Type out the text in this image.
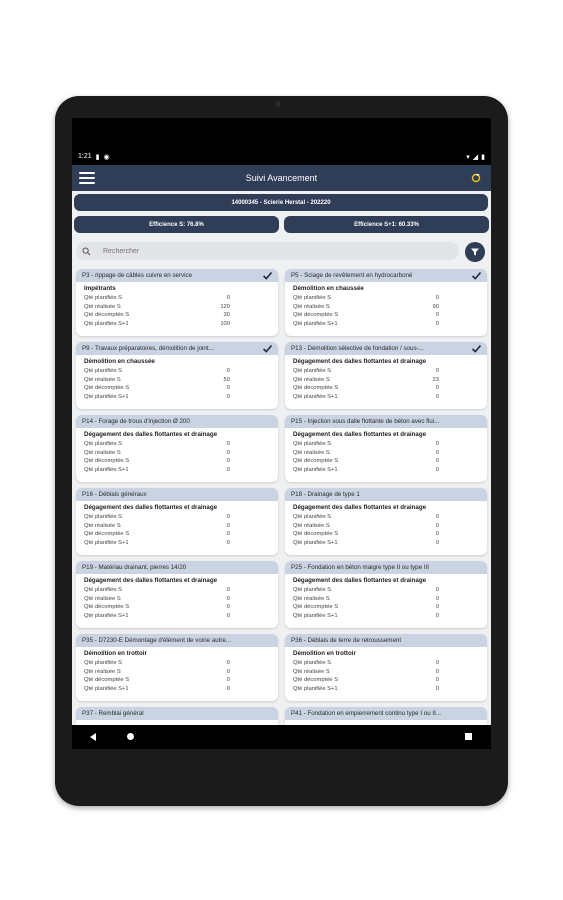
1:21 ▮ ◉	▾ ◢ ▮
Suivi Avancement
14000345 - Scierie Herstal - 202220
Efficience S: 76.8%	Efficience S+1: 60.33%
Rechercher
P3 - rippage de câbles cuivre en service
Impétrants
Qté planifiée S	0
Qté réalisée S	120
Qté décomptée S	30
Qté planifiée S+1	100
P5 - Sciage de revêtement en hydrocarboné
Démolition en chaussée
Qté planifiée S	0
Qté réalisée S	90
Qté décomptée S	0
Qté planifiée S+1	0
P9 - Travaux préparatoires, démolition de joint...
Démolition en chaussée
Qté planifiée S	0
Qté réalisée S	50
Qté décomptée S	0
Qté planifiée S+1	0
P13 - Démolition sélective de fondation / sous-...
Dégagement des dalles flottantes et drainage
Qté planifiée S	0
Qté réalisée S	23
Qté décomptée S	0
Qté planifiée S+1	0
P14 - Forage de trous d'injection Ø 200
Dégagement des dalles flottantes et drainage
Qté planifiée S	0
Qté réalisée S	0
Qté décomptée S	0
Qté planifiée S+1	0
P15 - Injection sous dalle flottante de béton avec flui...
Dégagement des dalles flottantes et drainage
Qté planifiée S	0
Qté réalisée S	0
Qté décomptée S	0
Qté planifiée S+1	0
P16 - Déblais généraux
Dégagement des dalles flottantes et drainage
Qté planifiée S	0
Qté réalisée S	0
Qté décomptée S	0
Qté planifiée S+1	0
P18 - Drainage de type 1
Dégagement des dalles flottantes et drainage
Qté planifiée S	0
Qté réalisée S	0
Qté décomptée S	0
Qté planifiée S+1	0
P19 - Matériau drainant, pierres 14/20
Dégagement des dalles flottantes et drainage
Qté planifiée S	0
Qté réalisée S	0
Qté décomptée S	0
Qté planifiée S+1	0
P25 - Fondation en béton maigre type II ou type III
Dégagement des dalles flottantes et drainage
Qté planifiée S	0
Qté réalisée S	0
Qté décomptée S	0
Qté planifiée S+1	0
P35 - D7230-E Démontage d'élément de voirie autre...
Démolition en trottoir
Qté planifiée S	0
Qté réalisée S	0
Qté décomptée S	0
Qté planifiée S+1	0
P36 - Déblais de terre de retroussement
Démolition en trottoir
Qté planifiée S	0
Qté réalisée S	0
Qté décomptée S	0
Qté planifiée S+1	0
P37 - Remblai général	P41 - Fondation en empierrement continu type I ou II...
